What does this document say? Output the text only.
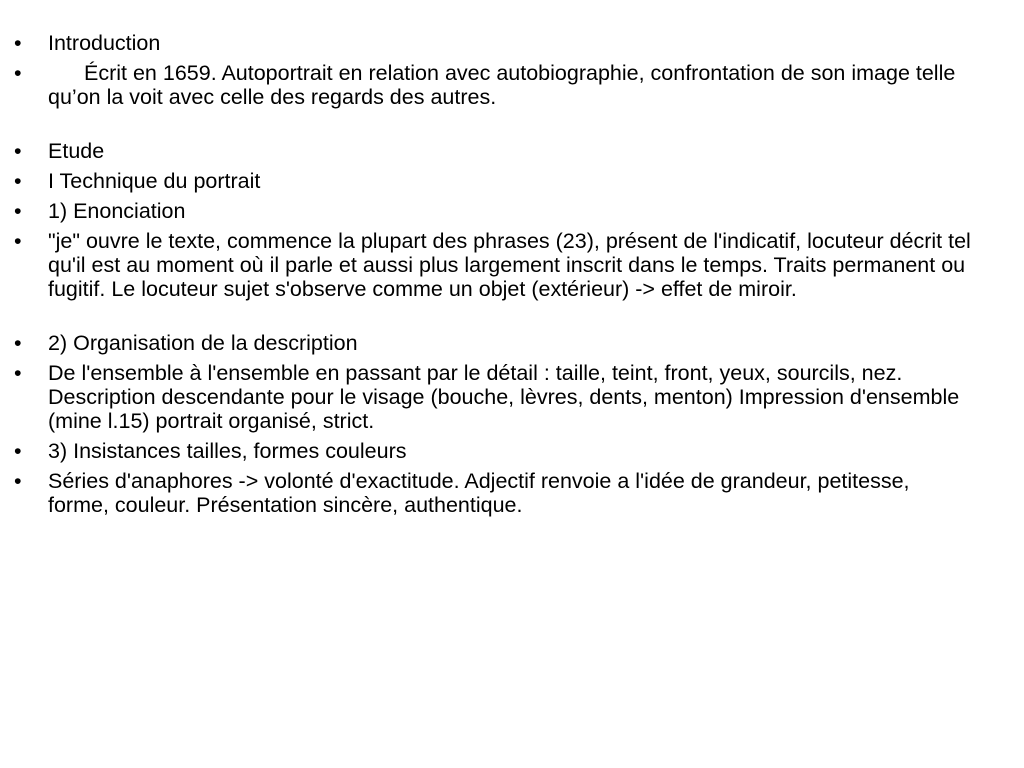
• Introduction
•	Écrit en 1659. Autoportrait en relation avec autobiographie, confrontation de son image telle qu’on la voit avec celle des regards des autres.
• Etude
• I Technique du portrait
• 1) Enonciation
• "je" ouvre le texte, commence la plupart des phrases (23), présent de l'indicatif, locuteur décrit tel qu'il est au moment où il parle et aussi plus largement inscrit dans le temps. Traits permanent ou fugitif. Le locuteur sujet s'observe comme un objet (extérieur) -> effet de miroir.
• 2) Organisation de la description
• De l'ensemble à l'ensemble en passant par le détail : taille, teint, front, yeux, sourcils, nez. Description descendante pour le visage (bouche, lèvres, dents, menton) Impression d'ensemble (mine l.15) portrait organisé, strict.
• 3) Insistances tailles, formes couleurs
• Séries d'anaphores -> volonté d'exactitude. Adjectif renvoie a l'idée de grandeur, petitesse, forme, couleur. Présentation sincère, authentique.
